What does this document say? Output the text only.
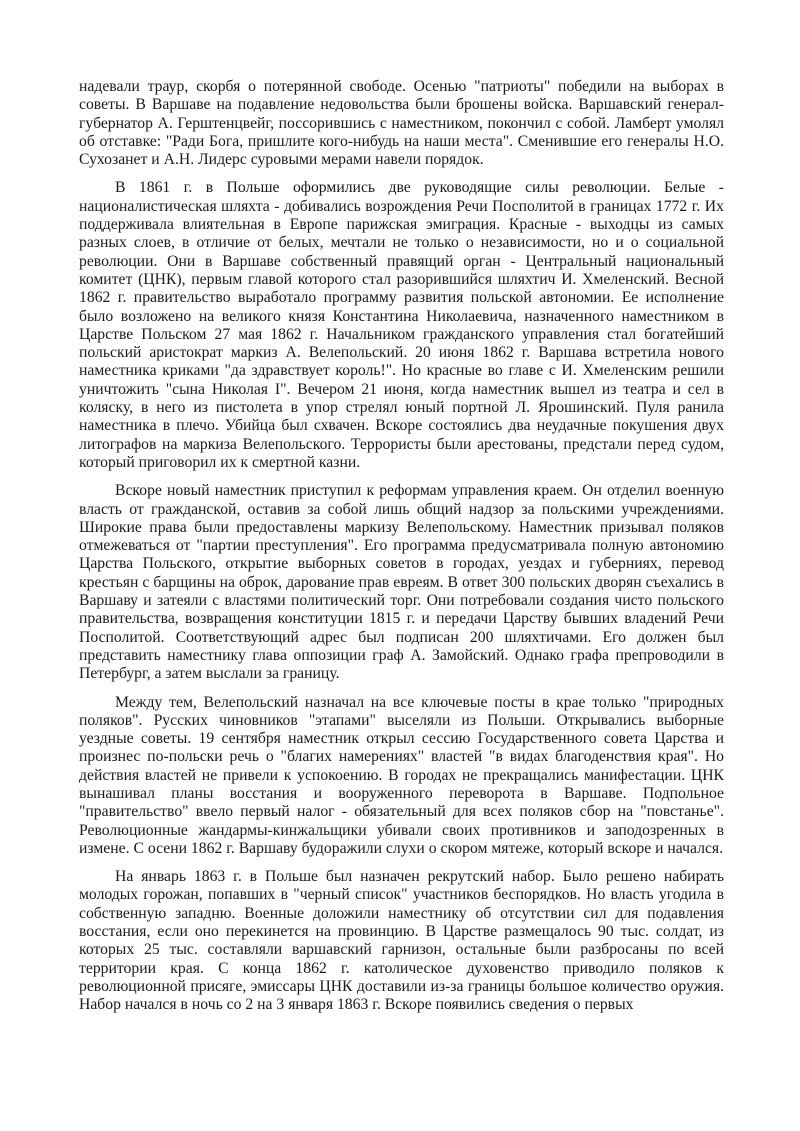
надевали траур, скорбя о потерянной свободе. Осенью "патриоты" победили на выборах в советы. В Варшаве на подавление недовольства были брошены войска. Варшавский генерал-губернатор А. Герштенцвейг, поссорившись с наместником, покончил с собой. Ламберт умолял об отставке: "Ради Бога, пришлите кого-нибудь на наши места". Сменившие его генералы Н.О. Сухозанет и А.Н. Лидерс суровыми мерами навели порядок.

В 1861 г. в Польше оформились две руководящие силы революции. Белые - националистическая шляхта - добивались возрождения Речи Посполитой в границах 1772 г. Их поддерживала влиятельная в Европе парижская эмиграция. Красные - выходцы из самых разных слоев, в отличие от белых, мечтали не только о независимости, но и о социальной революции. Они в Варшаве собственный правящий орган - Центральный национальный комитет (ЦНК), первым главой которого стал разорившийся шляхтич И. Хмеленский. Весной 1862 г. правительство выработало программу развития польской автономии. Ее исполнение было возложено на великого князя Константина Николаевича, назначенного наместником в Царстве Польском 27 мая 1862 г. Начальником гражданского управления стал богатейший польский аристократ маркиз А. Велепольский. 20 июня 1862 г. Варшава встретила нового наместника криками "да здравствует король!". Но красные во главе с И. Хмеленским решили уничтожить "сына Николая I". Вечером 21 июня, когда наместник вышел из театра и сел в коляску, в него из пистолета в упор стрелял юный портной Л. Ярошинский. Пуля ранила наместника в плечо. Убийца был схвачен. Вскоре состоялись два неудачные покушения двух литографов на маркиза Велепольского. Террористы были арестованы, предстали перед судом, который приговорил их к смертной казни.

Вскоре новый наместник приступил к реформам управления краем. Он отделил военную власть от гражданской, оставив за собой лишь общий надзор за польскими учреждениями. Широкие права были предоставлены маркизу Велепольскому. Наместник призывал поляков отмежеваться от "партии преступления". Его программа предусматривала полную автономию Царства Польского, открытие выборных советов в городах, уездах и губерниях, перевод крестьян с барщины на оброк, дарование прав евреям. В ответ 300 польских дворян съехались в Варшаву и затеяли с властями политический торг. Они потребовали создания чисто польского правительства, возвращения конституции 1815 г. и передачи Царству бывших владений Речи Посполитой. Соответствующий адрес был подписан 200 шляхтичами. Его должен был представить наместнику глава оппозиции граф А. Замойский. Однако графа препроводили в Петербург, а затем выслали за границу.

Между тем, Велепольский назначал на все ключевые посты в крае только "природных поляков". Русских чиновников "этапами" выселяли из Польши. Открывались выборные уездные советы. 19 сентября наместник открыл сессию Государственного совета Царства и произнес по-польски речь о "благих намерениях" властей "в видах благоденствия края". Но действия властей не привели к успокоению. В городах не прекращались манифестации. ЦНК вынашивал планы восстания и вооруженного переворота в Варшаве. Подпольное "правительство" ввело первый налог - обязательный для всех поляков сбор на "повстанье". Революционные жандармы-кинжальщики убивали своих противников и заподозренных в измене. С осени 1862 г. Варшаву будоражили слухи о скором мятеже, который вскоре и начался.

На январь 1863 г. в Польше был назначен рекрутский набор. Было решено набирать молодых горожан, попавших в "черный список" участников беспорядков. Но власть угодила в собственную западню. Военные доложили наместнику об отсутствии сил для подавления восстания, если оно перекинется на провинцию. В Царстве размещалось 90 тыс. солдат, из которых 25 тыс. составляли варшавский гарнизон, остальные были разбросаны по всей территории края. С конца 1862 г. католическое духовенство приводило поляков к революционной присяге, эмиссары ЦНК доставили из-за границы большое количество оружия. Набор начался в ночь со 2 на 3 января 1863 г. Вскоре появились сведения о первых
